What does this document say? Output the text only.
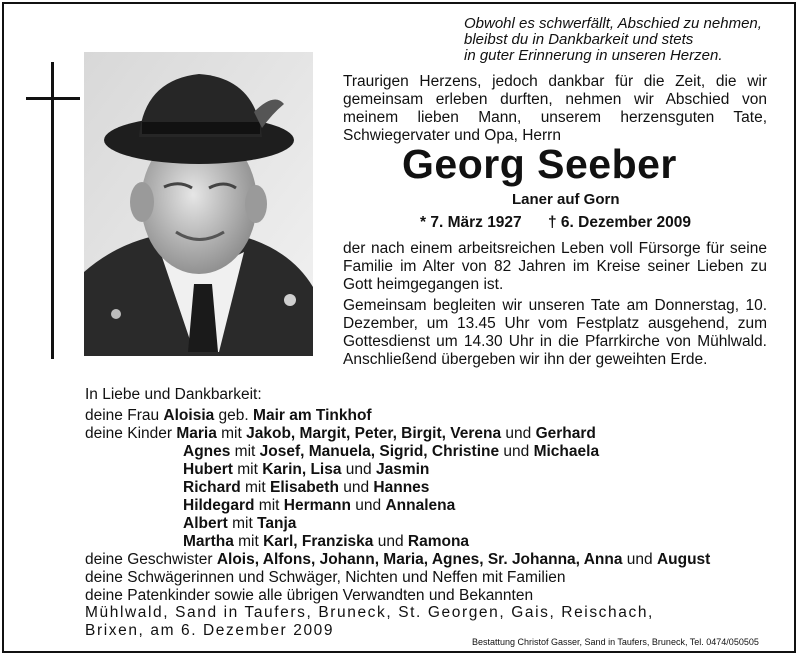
Obwohl es schwerfällt, Abschied zu nehmen,
bleibst du in Dankbarkeit und stets
in guter Erinnerung in unseren Herzen.
Traurigen Herzens, jedoch dankbar für die Zeit, die wir gemeinsam erleben durften, nehmen wir Abschied von meinem lieben Mann, unserem herzensguten Tate, Schwiegervater und Opa, Herrn
Georg Seeber
Laner auf Gorn
* 7. März 1927 † 6. Dezember 2009
der nach einem arbeitsreichen Leben voll Fürsorge für seine Familie im Alter von 82 Jahren im Kreise seiner Lieben zu Gott heimgegangen ist.
Gemeinsam begleiten wir unseren Tate am Donnerstag, 10. Dezember, um 13.45 Uhr vom Festplatz ausgehend, zum Gottesdienst um 14.30 Uhr in die Pfarrkirche von Mühlwald. Anschließend übergeben wir ihn der geweihten Erde.
In Liebe und Dankbarkeit:
deine Frau Aloisia geb. Mair am Tinkhof
deine Kinder Maria mit Jakob, Margit, Peter, Birgit, Verena und Gerhard
Agnes mit Josef, Manuela, Sigrid, Christine und Michaela
Hubert mit Karin, Lisa und Jasmin
Richard mit Elisabeth und Hannes
Hildegard mit Hermann und Annalena
Albert mit Tanja
Martha mit Karl, Franziska und Ramona
deine Geschwister Alois, Alfons, Johann, Maria, Agnes, Sr. Johanna, Anna und August
deine Schwägerinnen und Schwäger, Nichten und Neffen mit Familien
deine Patenkinder sowie alle übrigen Verwandten und Bekannten
Mühlwald, Sand in Taufers, Bruneck, St. Georgen, Gais, Reischach,
Brixen, am 6. Dezember 2009
Bestattung Christof Gasser, Sand in Taufers, Bruneck, Tel. 0474/050505
